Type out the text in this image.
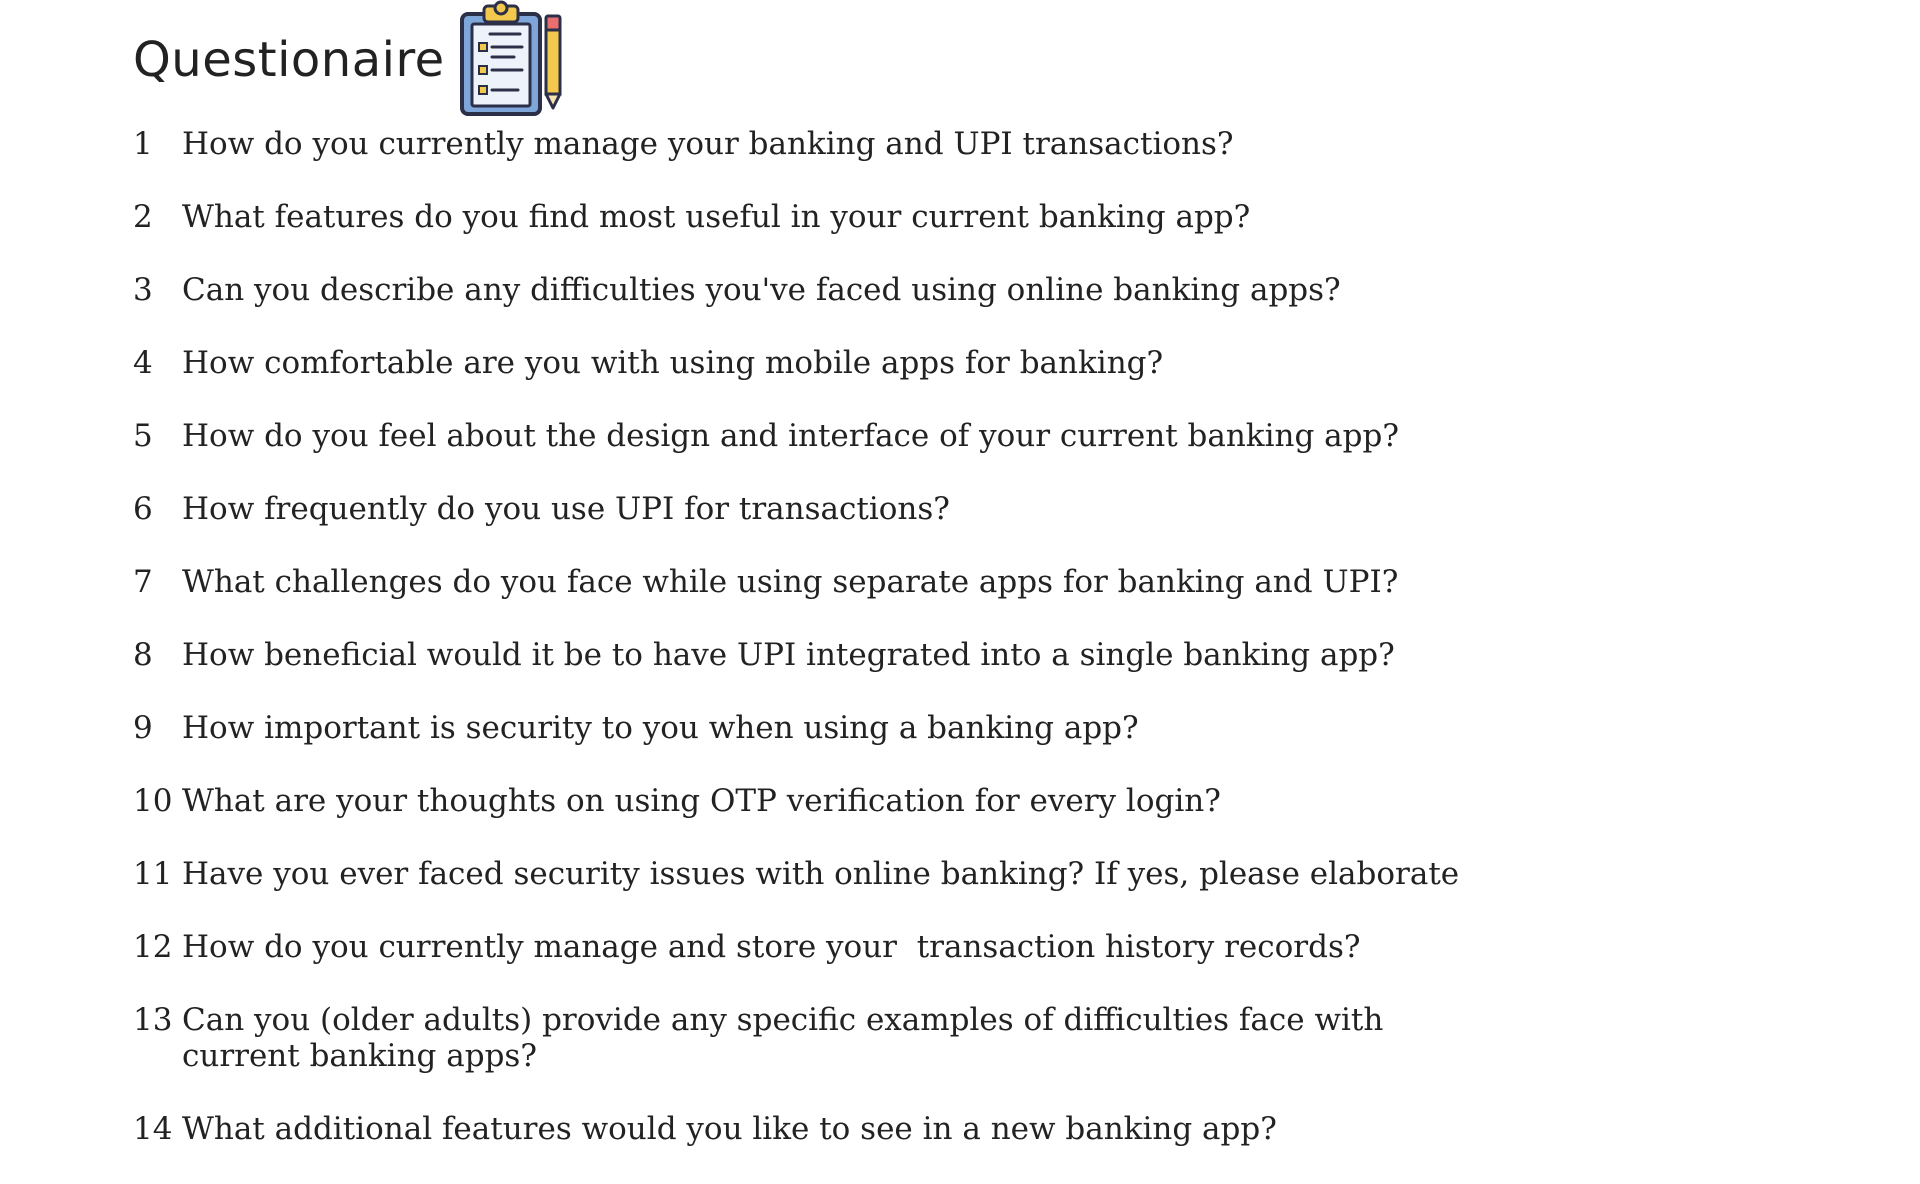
Questionaire
1 How do you currently manage your banking and UPI transactions?
2 What features do you find most useful in your current banking app?
3 Can you describe any difficulties you've faced using online banking apps?
4 How comfortable are you with using mobile apps for banking?
5 How do you feel about the design and interface of your current banking app?
6 How frequently do you use UPI for transactions?
7 What challenges do you face while using separate apps for banking and UPI?
8 How beneficial would it be to have UPI integrated into a single banking app?
9 How important is security to you when using a banking app?
10 What are your thoughts on using OTP verification for every login?
11 Have you ever faced security issues with online banking? If yes, please elaborate
12 How do you currently manage and store your  transaction history records?
13 Can you (older adults) provide any specific examples of difficulties face with current banking apps?
14 What additional features would you like to see in a new banking app?
